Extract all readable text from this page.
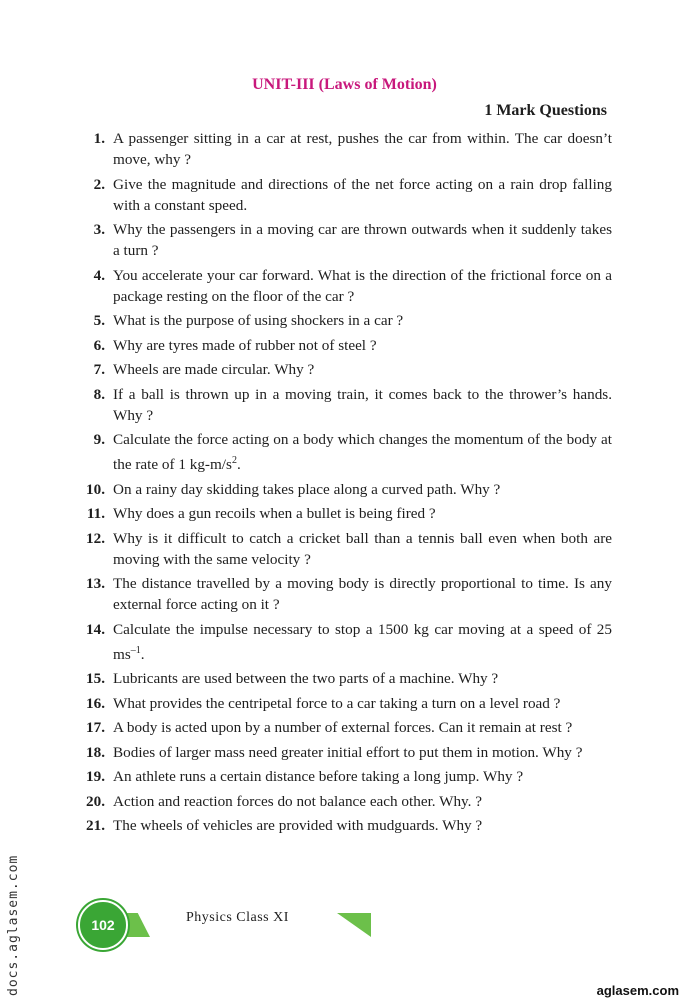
UNIT-III (Laws of Motion)
1 Mark Questions
1. A passenger sitting in a car at rest, pushes the car from within. The car doesn’t move, why ?
2. Give the magnitude and directions of the net force acting on a rain drop falling with a constant speed.
3. Why the passengers in a moving car are thrown outwards when it suddenly takes a turn ?
4. You accelerate your car forward. What is the direction of the frictional force on a package resting on the floor of the car ?
5. What is the purpose of using shockers in a car ?
6. Why are tyres made of rubber not of steel ?
7. Wheels are made circular. Why ?
8. If a ball is thrown up in a moving train, it comes back to the thrower’s hands. Why ?
9. Calculate the force acting on a body which changes the momentum of the body at the rate of 1 $kg-m/s^2$.
10. On a rainy day skidding takes place along a curved path. Why ?
11. Why does a gun recoils when a bullet is being fired ?
12. Why is it difficult to catch a cricket ball than a tennis ball even when both are moving with the same velocity ?
13. The distance travelled by a moving body is directly proportional to time. Is any external force acting on it ?
14. Calculate the impulse necessary to stop a 1500 kg car moving at a speed of 25 $ms^{-1}$.
15. Lubricants are used between the two parts of a machine. Why ?
16. What provides the centripetal force to a car taking a turn on a level road ?
17. A body is acted upon by a number of external forces. Can it remain at rest ?
18. Bodies of larger mass need greater initial effort to put them in motion. Why ?
19. An athlete runs a certain distance before taking a long jump. Why ?
20. Action and reaction forces do not balance each other. Why. ?
21. The wheels of vehicles are provided with mudguards. Why ?
docs.aglasem.com	102	Physics Class XI
aglasem.com
